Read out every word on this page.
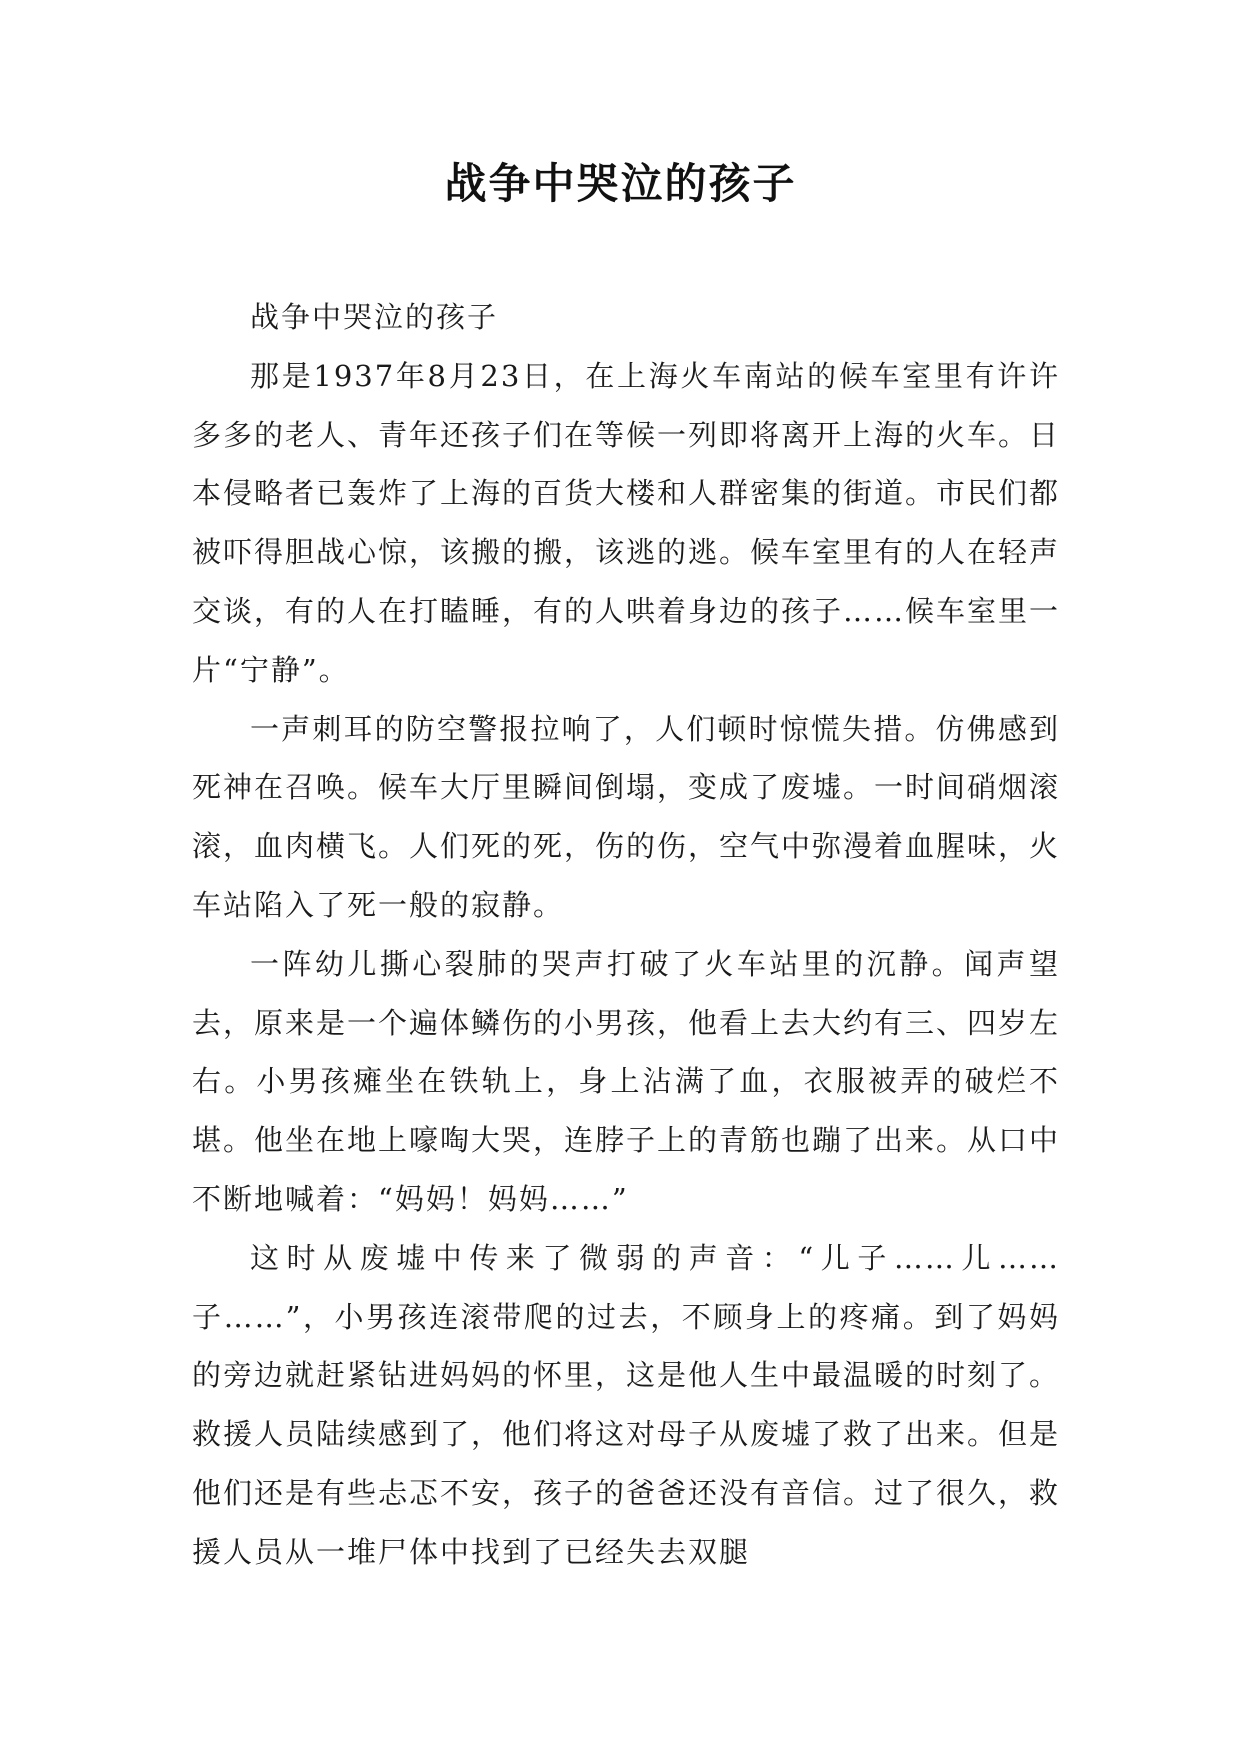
战争中哭泣的孩子

战争中哭泣的孩子

那是1937年8月23日，在上海火车南站的候车室里有许许多多的老人、青年还孩子们在等候一列即将离开上海的火车。日本侵略者已轰炸了上海的百货大楼和人群密集的街道。市民们都被吓得胆战心惊，该搬的搬，该逃的逃。候车室里有的人在轻声交谈，有的人在打瞌睡，有的人哄着身边的孩子……候车室里一片“宁静”。

一声刺耳的防空警报拉响了，人们顿时惊慌失措。仿佛感到死神在召唤。候车大厅里瞬间倒塌，变成了废墟。一时间硝烟滚滚，血肉横飞。人们死的死，伤的伤，空气中弥漫着血腥味，火车站陷入了死一般的寂静。

一阵幼儿撕心裂肺的哭声打破了火车站里的沉静。闻声望去，原来是一个遍体鳞伤的小男孩，他看上去大约有三、四岁左右。小男孩瘫坐在铁轨上，身上沾满了血，衣服被弄的破烂不堪。他坐在地上嚎啕大哭，连脖子上的青筋也蹦了出来。从口中不断地喊着：“妈妈！妈妈……”

这时从废墟中传来了微弱的声音：“儿子……儿……子……”，小男孩连滚带爬的过去，不顾身上的疼痛。到了妈妈的旁边就赶紧钻进妈妈的怀里，这是他人生中最温暖的时刻了。救援人员陆续感到了，他们将这对母子从废墟了救了出来。但是他们还是有些忐忑不安，孩子的爸爸还没有音信。过了很久，救援人员从一堆尸体中找到了已经失去双腿
